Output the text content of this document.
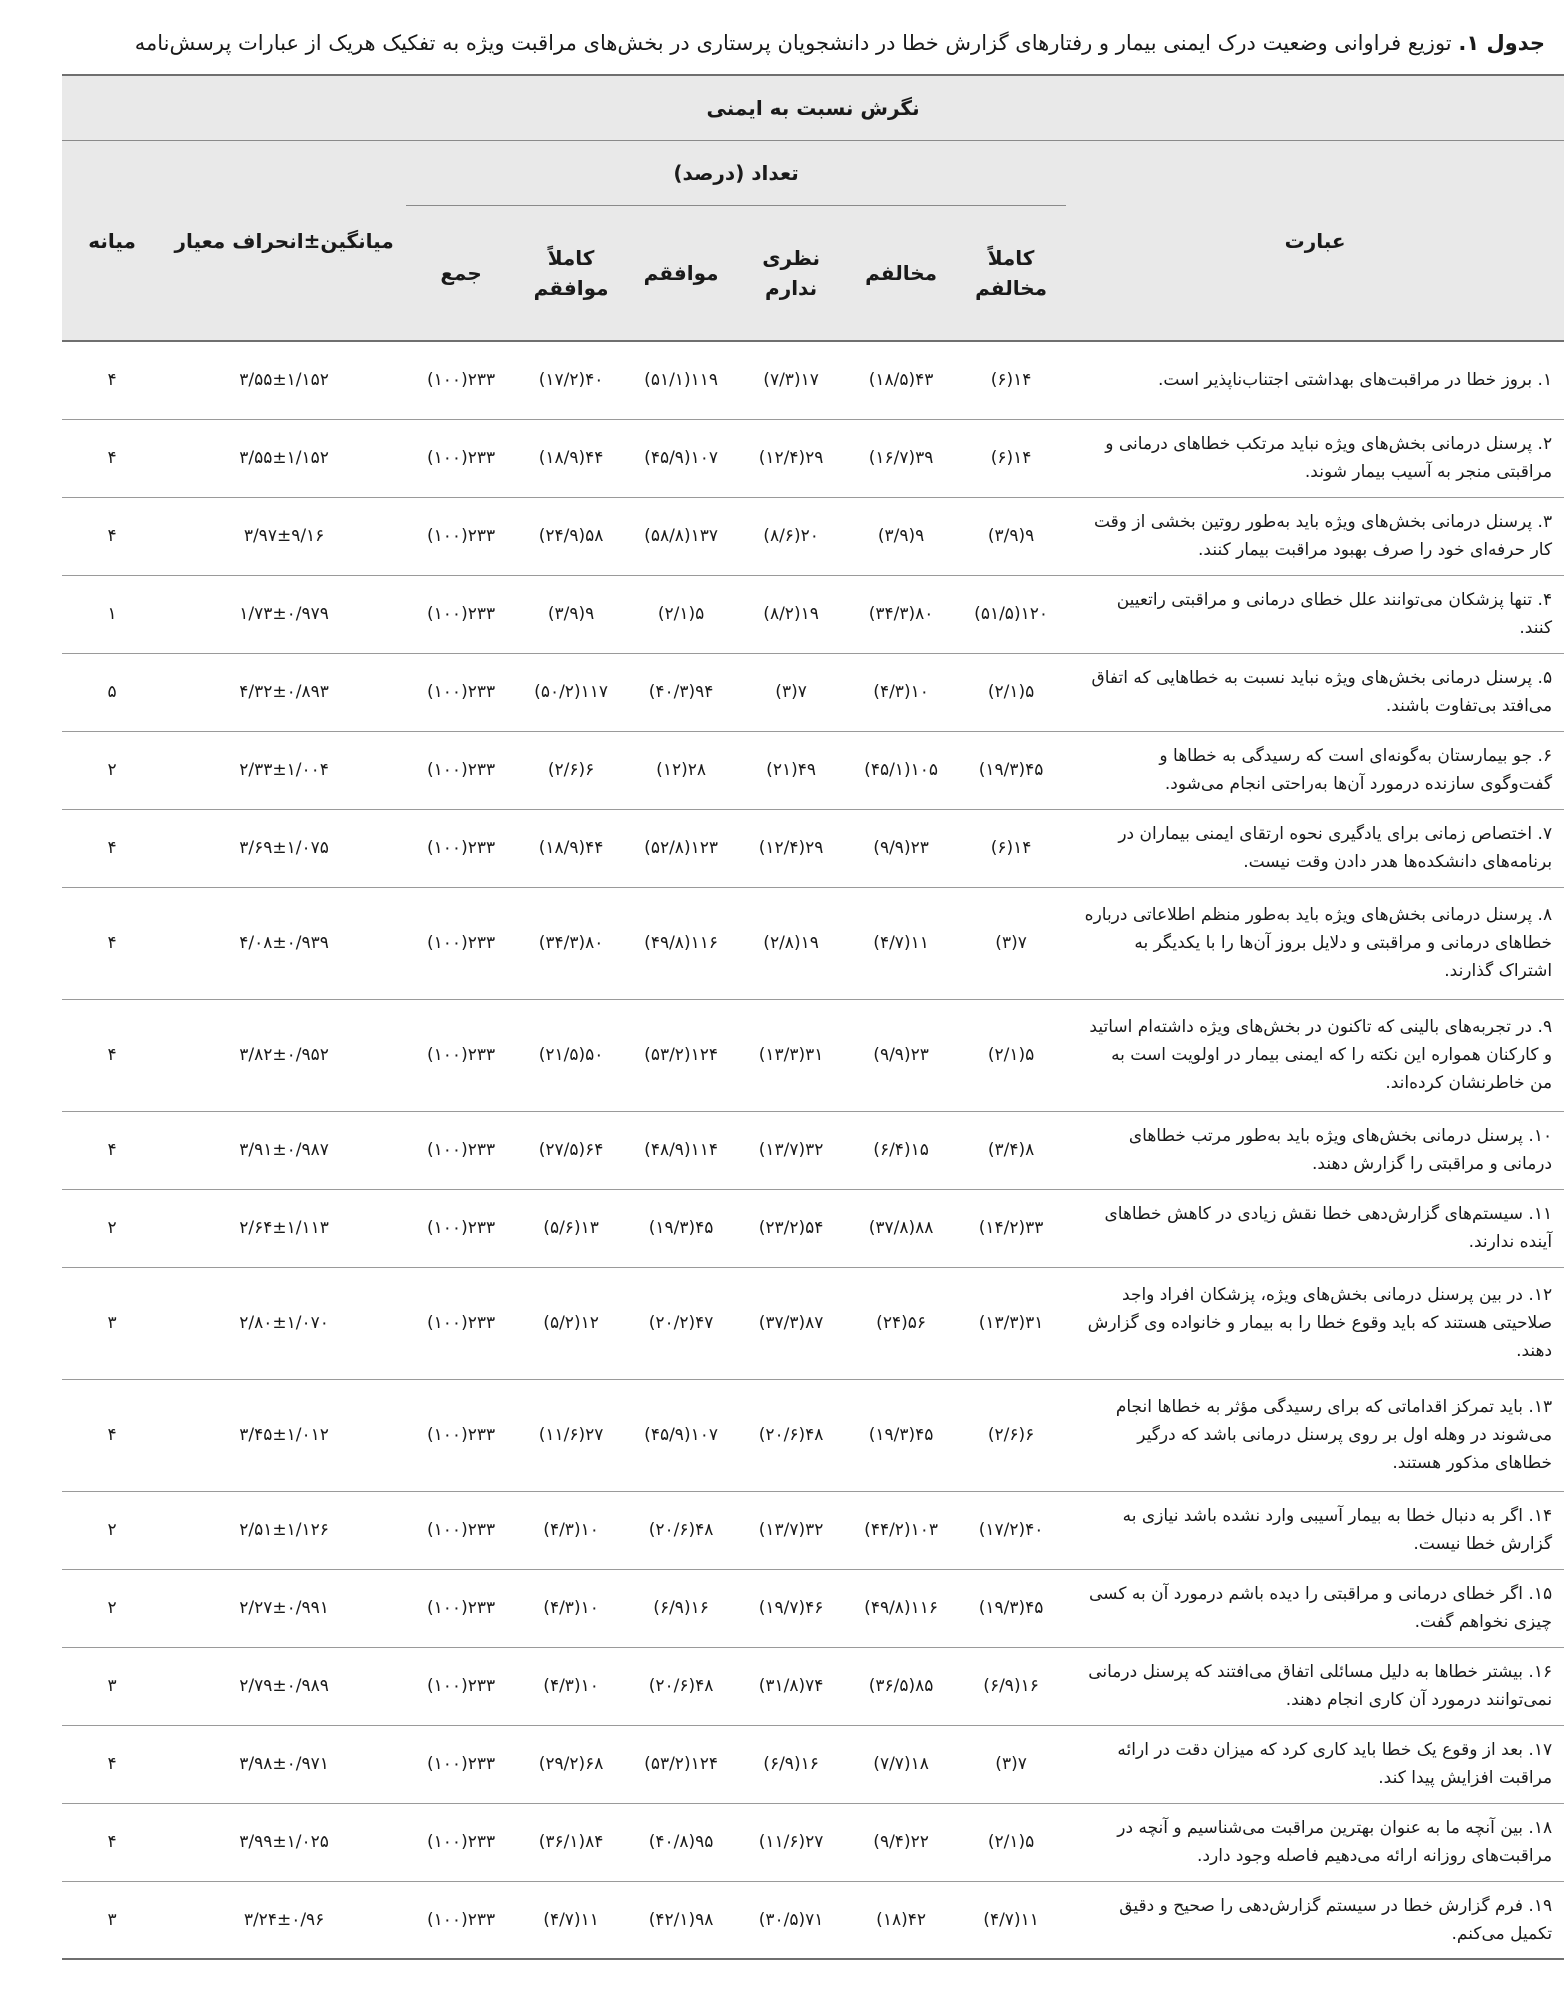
جدول ۱. توزیع فراوانی وضعیت درک ایمنی بیمار و رفتارهای گزارش خطا در دانشجویان پرستاری در بخش‌های مراقبت ویژه به تفکیک هریک از عبارات پرسش‌نامه
نگرش نسبت به ایمنی								
عبارت	تعداد (درصد)						میانگین±انحراف معیار	میانه
	کاملاً مخالفم	مخالفم	نظری ندارم	موافقم	کاملاً موافقم	جمع		
۱. بروز خطا در مراقبت‌های بهداشتی اجتناب‌ناپذیر است.	۱۴(۶)	۴۳(۱۸/۵)	۱۷(۷/۳)	۱۱۹(۵۱/۱)	۴۰(۱۷/۲)	۲۳۳(۱۰۰)	۳/۵۵±۱/۱۵۲	۴
۲. پرسنل درمانی بخش‌های ویژه نباید مرتکب خطاهای درمانی و مراقبتی منجر به آسیب بیمار شوند.	۱۴(۶)	۳۹(۱۶/۷)	۲۹(۱۲/۴)	۱۰۷(۴۵/۹)	۴۴(۱۸/۹)	۲۳۳(۱۰۰)	۳/۵۵±۱/۱۵۲	۴
۳. پرسنل درمانی بخش‌های ویژه باید به‌طور روتین بخشی از وقت کار حرفه‌ای خود را صرف بهبود مراقبت بیمار کنند.	۹(۳/۹)	۹(۳/۹)	۲۰(۸/۶)	۱۳۷(۵۸/۸)	۵۸(۲۴/۹)	۲۳۳(۱۰۰)	۳/۹۷±۹/۱۶	۴
۴. تنها پزشکان می‌توانند علل خطای درمانی و مراقبتی راتعیین کنند.	۱۲۰(۵۱/۵)	۸۰(۳۴/۳)	۱۹(۸/۲)	۵(۲/۱)	۹(۳/۹)	۲۳۳(۱۰۰)	۱/۷۳±۰/۹۷۹	۱
۵. پرسنل درمانی بخش‌های ویژه نباید نسبت به خطاهایی که اتفاق می‌افتد بی‌تفاوت باشند.	۵(۲/۱)	۱۰(۴/۳)	۷(۳)	۹۴(۴۰/۳)	۱۱۷(۵۰/۲)	۲۳۳(۱۰۰)	۴/۳۲±۰/۸۹۳	۵
۶. جو بیمارستان به‌گونه‌ای است که رسیدگی به خطاها و گفت‌وگوی سازنده درمورد آن‌ها به‌راحتی انجام می‌شود.	۴۵(۱۹/۳)	۱۰۵(۴۵/۱)	۴۹(۲۱)	۲۸(۱۲)	۶(۲/۶)	۲۳۳(۱۰۰)	۲/۳۳±۱/۰۰۴	۲
۷. اختصاص زمانی برای یادگیری نحوه ارتقای ایمنی بیماران در برنامه‌های دانشکده‌ها هدر دادن وقت نیست.	۱۴(۶)	۲۳(۹/۹)	۲۹(۱۲/۴)	۱۲۳(۵۲/۸)	۴۴(۱۸/۹)	۲۳۳(۱۰۰)	۳/۶۹±۱/۰۷۵	۴
۸. پرسنل درمانی بخش‌های ویژه باید به‌طور منظم اطلاعاتی درباره خطاهای درمانی و مراقبتی و دلایل بروز آن‌ها را با یکدیگر به اشتراک گذارند.	۷(۳)	۱۱(۴/۷)	۱۹(۲/۸)	۱۱۶(۴۹/۸)	۸۰(۳۴/۳)	۲۳۳(۱۰۰)	۴/۰۸±۰/۹۳۹	۴
۹. در تجربه‌های بالینی که تاکنون در بخش‌های ویژه داشته‌ام اساتید و کارکنان همواره این نکته را که ایمنی بیمار در اولویت است به من خاطرنشان کرده‌اند.	۵(۲/۱)	۲۳(۹/۹)	۳۱(۱۳/۳)	۱۲۴(۵۳/۲)	۵۰(۲۱/۵)	۲۳۳(۱۰۰)	۳/۸۲±۰/۹۵۲	۴
۱۰. پرسنل درمانی بخش‌های ویژه باید به‌طور مرتب خطاهای درمانی و مراقبتی را گزارش دهند.	۸(۳/۴)	۱۵(۶/۴)	۳۲(۱۳/۷)	۱۱۴(۴۸/۹)	۶۴(۲۷/۵)	۲۳۳(۱۰۰)	۳/۹۱±۰/۹۸۷	۴
۱۱. سیستم‌های گزارش‌دهی خطا نقش زیادی در کاهش خطاهای آینده ندارند.	۳۳(۱۴/۲)	۸۸(۳۷/۸)	۵۴(۲۳/۲)	۴۵(۱۹/۳)	۱۳(۵/۶)	۲۳۳(۱۰۰)	۲/۶۴±۱/۱۱۳	۲
۱۲. در بین پرسنل درمانی بخش‌های ویژه، پزشکان افراد واجد صلاحیتی هستند که باید وقوع خطا را به بیمار و خانواده وی گزارش دهند.	۳۱(۱۳/۳)	۵۶(۲۴)	۸۷(۳۷/۳)	۴۷(۲۰/۲)	۱۲(۵/۲)	۲۳۳(۱۰۰)	۲/۸۰±۱/۰۷۰	۳
۱۳. باید تمرکز اقداماتی که برای رسیدگی مؤثر به خطاها انجام می‌شوند در وهله اول بر روی پرسنل درمانی باشد که درگیر خطاهای مذکور هستند.	۶(۲/۶)	۴۵(۱۹/۳)	۴۸(۲۰/۶)	۱۰۷(۴۵/۹)	۲۷(۱۱/۶)	۲۳۳(۱۰۰)	۳/۴۵±۱/۰۱۲	۴
۱۴. اگر به دنبال خطا به بیمار آسیبی وارد نشده باشد نیازی به گزارش خطا نیست.	۴۰(۱۷/۲)	۱۰۳(۴۴/۲)	۳۲(۱۳/۷)	۴۸(۲۰/۶)	۱۰(۴/۳)	۲۳۳(۱۰۰)	۲/۵۱±۱/۱۲۶	۲
۱۵. اگر خطای درمانی و مراقبتی را دیده باشم درمورد آن به کسی چیزی نخواهم گفت.	۴۵(۱۹/۳)	۱۱۶(۴۹/۸)	۴۶(۱۹/۷)	۱۶(۶/۹)	۱۰(۴/۳)	۲۳۳(۱۰۰)	۲/۲۷±۰/۹۹۱	۲
۱۶. بیشتر خطاها به دلیل مسائلی اتفاق می‌افتند که پرسنل درمانی نمی‌توانند درمورد آن کاری انجام دهند.	۱۶(۶/۹)	۸۵(۳۶/۵)	۷۴(۳۱/۸)	۴۸(۲۰/۶)	۱۰(۴/۳)	۲۳۳(۱۰۰)	۲/۷۹±۰/۹۸۹	۳
۱۷. بعد از وقوع یک خطا باید کاری کرد که میزان دقت در ارائه مراقبت افزایش پیدا کند.	۷(۳)	۱۸(۷/۷)	۱۶(۶/۹)	۱۲۴(۵۳/۲)	۶۸(۲۹/۲)	۲۳۳(۱۰۰)	۳/۹۸±۰/۹۷۱	۴
۱۸. بین آنچه ما به عنوان بهترین مراقبت می‌شناسیم و آنچه در مراقبت‌های روزانه ارائه می‌دهیم فاصله وجود دارد.	۵(۲/۱)	۲۲(۹/۴)	۲۷(۱۱/۶)	۹۵(۴۰/۸)	۸۴(۳۶/۱)	۲۳۳(۱۰۰)	۳/۹۹±۱/۰۲۵	۴
۱۹. فرم گزارش خطا در سیستم گزارش‌دهی را صحیح و دقیق تکمیل می‌کنم.	۱۱(۴/۷)	۴۲(۱۸)	۷۱(۳۰/۵)	۹۸(۴۲/۱)	۱۱(۴/۷)	۲۳۳(۱۰۰)	۳/۲۴±۰/۹۶	۳
